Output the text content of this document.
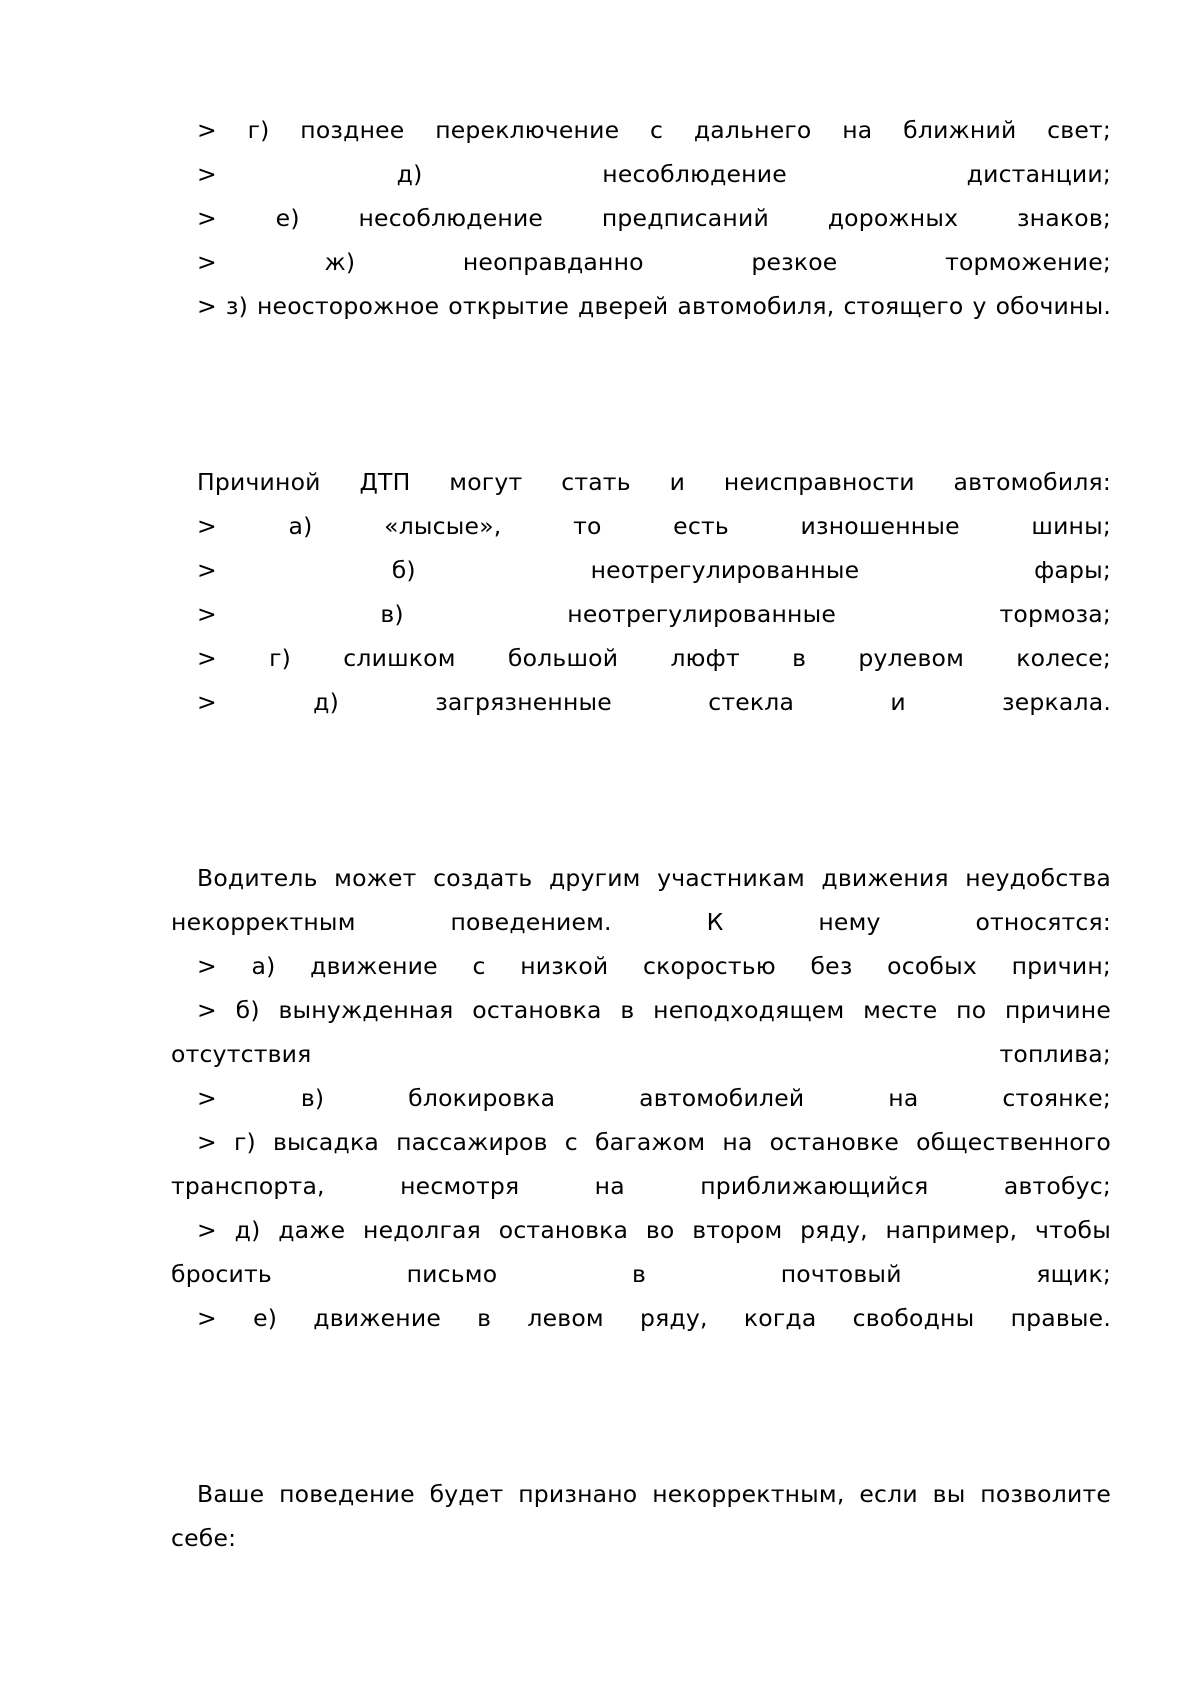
> г) позднее переключение с дальнего на ближний свет;

> д) несоблюдение дистанции;

> е) несоблюдение предписаний дорожных знаков;

> ж) неоправданно резкое торможение;

> з) неосторожное открытие дверей автомобиля, стоящего у обочины.

Причиной ДТП могут стать и неисправности автомобиля:

> а) «лысые», то есть изношенные шины;

> б) неотрегулированные фары;

> в) неотрегулированные тормоза;

> г) слишком большой люфт в рулевом колесе;

> д) загрязненные стекла и зеркала.

Водитель может создать другим участникам движения неудобства некорректным поведением. К нему относятся:

> а) движение с низкой скоростью без особых причин;

> б) вынужденная остановка в неподходящем месте по причине отсутствия топлива;

> в) блокировка автомобилей на стоянке;

> г) высадка пассажиров с багажом на остановке общественного транспорта, несмотря на приближающийся автобус;

> д) даже недолгая остановка во втором ряду, например, чтобы бросить письмо в почтовый ящик;

> е) движение в левом ряду, когда свободны правые.

Ваше поведение будет признано некорректным, если вы позволите себе:
